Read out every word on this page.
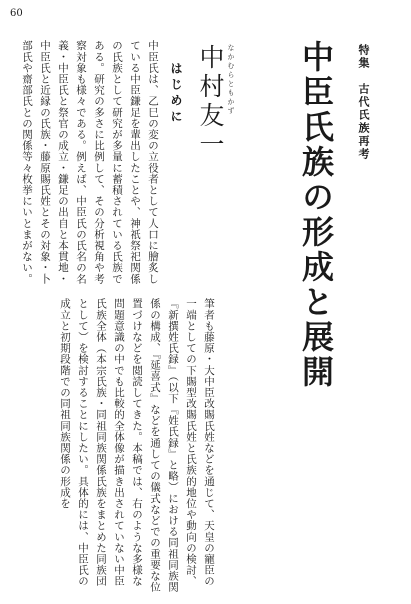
60
特集　古代氏族再考
中臣氏族の形成と展開
なかむらともかず
中村友一
はじめに

中臣氏は、乙巳の変の立役者として人口に膾炙している中臣鎌足を輩出したことや、神祇祭祀関係の氏族として研究が多量に蓄積されている氏族である。研究の多さに比例して、その分析視角や考察対象も様々である。例えば、中臣氏の氏名の名義・中臣氏と祭官の成立・鎌足の出自と本貫地・中臣氏と近縁の氏族・藤原賜氏姓とその対象・卜部氏や齋部氏との関係等々枚挙にいとまがない。

筆者も藤原・大中臣改賜氏姓などを通じて、天皇の寵臣の一端としての下賜型改賜氏姓と氏族的地位や動向の検討、『新撰姓氏録』（以下『姓氏録』と略）における同祖同族関係の構成、『延喜式』などを通しての儀式などでの重要な位置づけなどを閲読してきた。本稿では、右のような多様な問題意識の中でも比較的全体像が描き出されていない中臣氏族全体（本宗氏族・同祖同族関係氏族をまとめた同族団として）を検討することにしたい。具体的には、中臣氏の成立と初期段階での同祖同族関係の形成を
